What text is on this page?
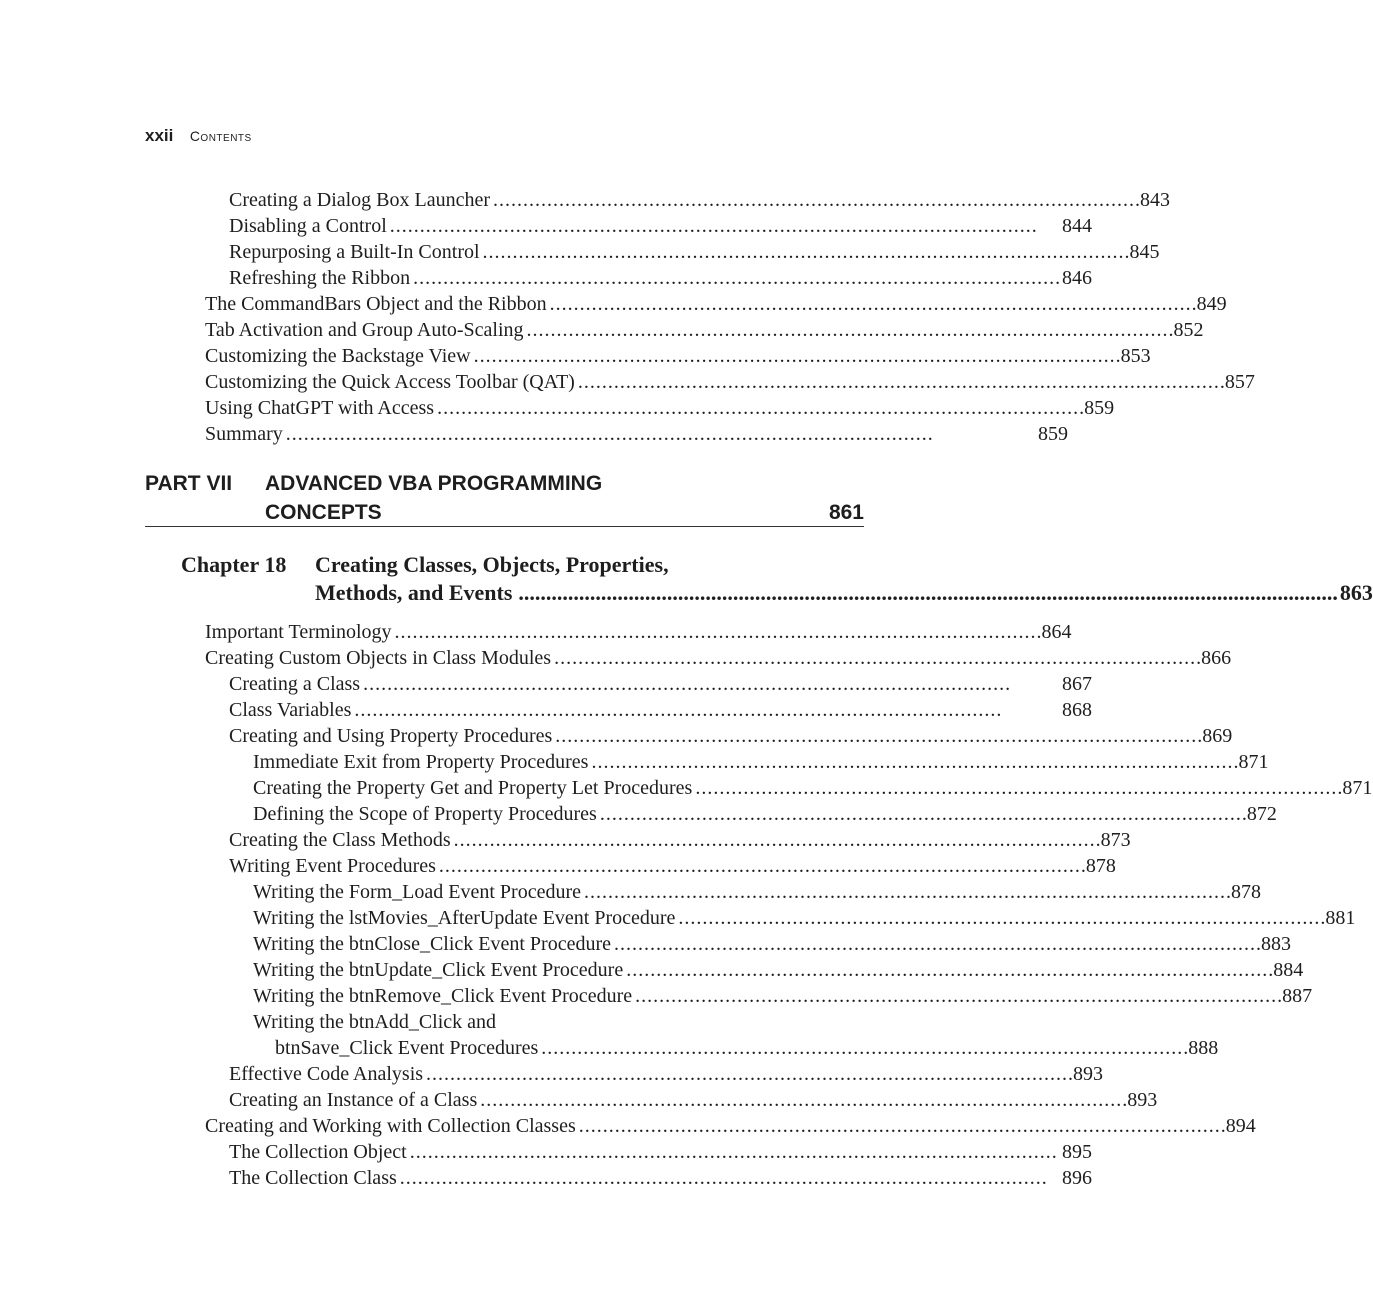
xxii Contents
Creating a Dialog Box Launcher . . .	843
Disabling a Control . . .	844
Repurposing a Built-In Control . . .	845
Refreshing the Ribbon . . .	846
The CommandBars Object and the Ribbon . . .	849
Tab Activation and Group Auto-Scaling . . .	852
Customizing the Backstage View . . .	853
Customizing the Quick Access Toolbar (QAT) . . .	857
Using ChatGPT with Access . . .	859
Summary . . .	859
PART VII ADVANCED VBA PROGRAMMING
CONCEPTS	861
Chapter 18 Creating Classes, Objects, Properties,
Methods, and Events .....	863
Important Terminology . . .	864
Creating Custom Objects in Class Modules . . .	866
Creating a Class . . .	867
Class Variables . . .	868
Creating and Using Property Procedures . . .	869
Immediate Exit from Property Procedures . . .	871
Creating the Property Get and Property Let Procedures . . .	871
Defining the Scope of Property Procedures . . .	872
Creating the Class Methods . . .	873
Writing Event Procedures . . .	878
Writing the Form_Load Event Procedure . . .	878
Writing the lstMovies_AfterUpdate Event Procedure . . .	881
Writing the btnClose_Click Event Procedure . . .	883
Writing the btnUpdate_Click Event Procedure . . .	884
Writing the btnRemove_Click Event Procedure . . .	887
Writing the btnAdd_Click and
btnSave_Click Event Procedures . . .	888
Effective Code Analysis . . .	893
Creating an Instance of a Class . . .	893
Creating and Working with Collection Classes . . .	894
The Collection Object . . .	895
The Collection Class . . .	896
